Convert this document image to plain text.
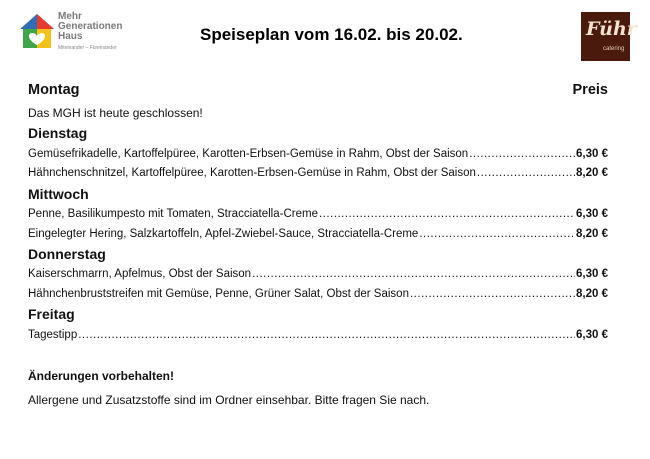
Mehr
Generationen
Haus
Miteinander – Füreinander
Speiseplan vom 16.02. bis 20.02.	Führ
catering
Montag	Preis
Das MGH ist heute geschlossen!
Dienstag
Gemüsefrikadelle, Kartoffelpüree, Karotten-Erbsen-Gemüse in Rahm, Obst der Saison .....	6,30 €
Hähnchenschnitzel, Kartoffelpüree, Karotten-Erbsen-Gemüse in Rahm, Obst der Saison .....	8,20 €
Mittwoch
Penne, Basilikumpesto mit Tomaten, Stracciatella-Creme .....	6,30 €
Eingelegter Hering, Salzkartoffeln, Apfel-Zwiebel-Sauce, Stracciatella-Creme .....	8,20 €
Donnerstag
Kaiserschmarrn, Apfelmus, Obst der Saison .....	6,30 €
Hähnchenbruststreifen mit Gemüse, Penne, Grüner Salat, Obst der Saison .....	8,20 €
Freitag
Tagestipp .....	6,30 €
Änderungen vorbehalten!
Allergene und Zusatzstoffe sind im Ordner einsehbar. Bitte fragen Sie nach.
